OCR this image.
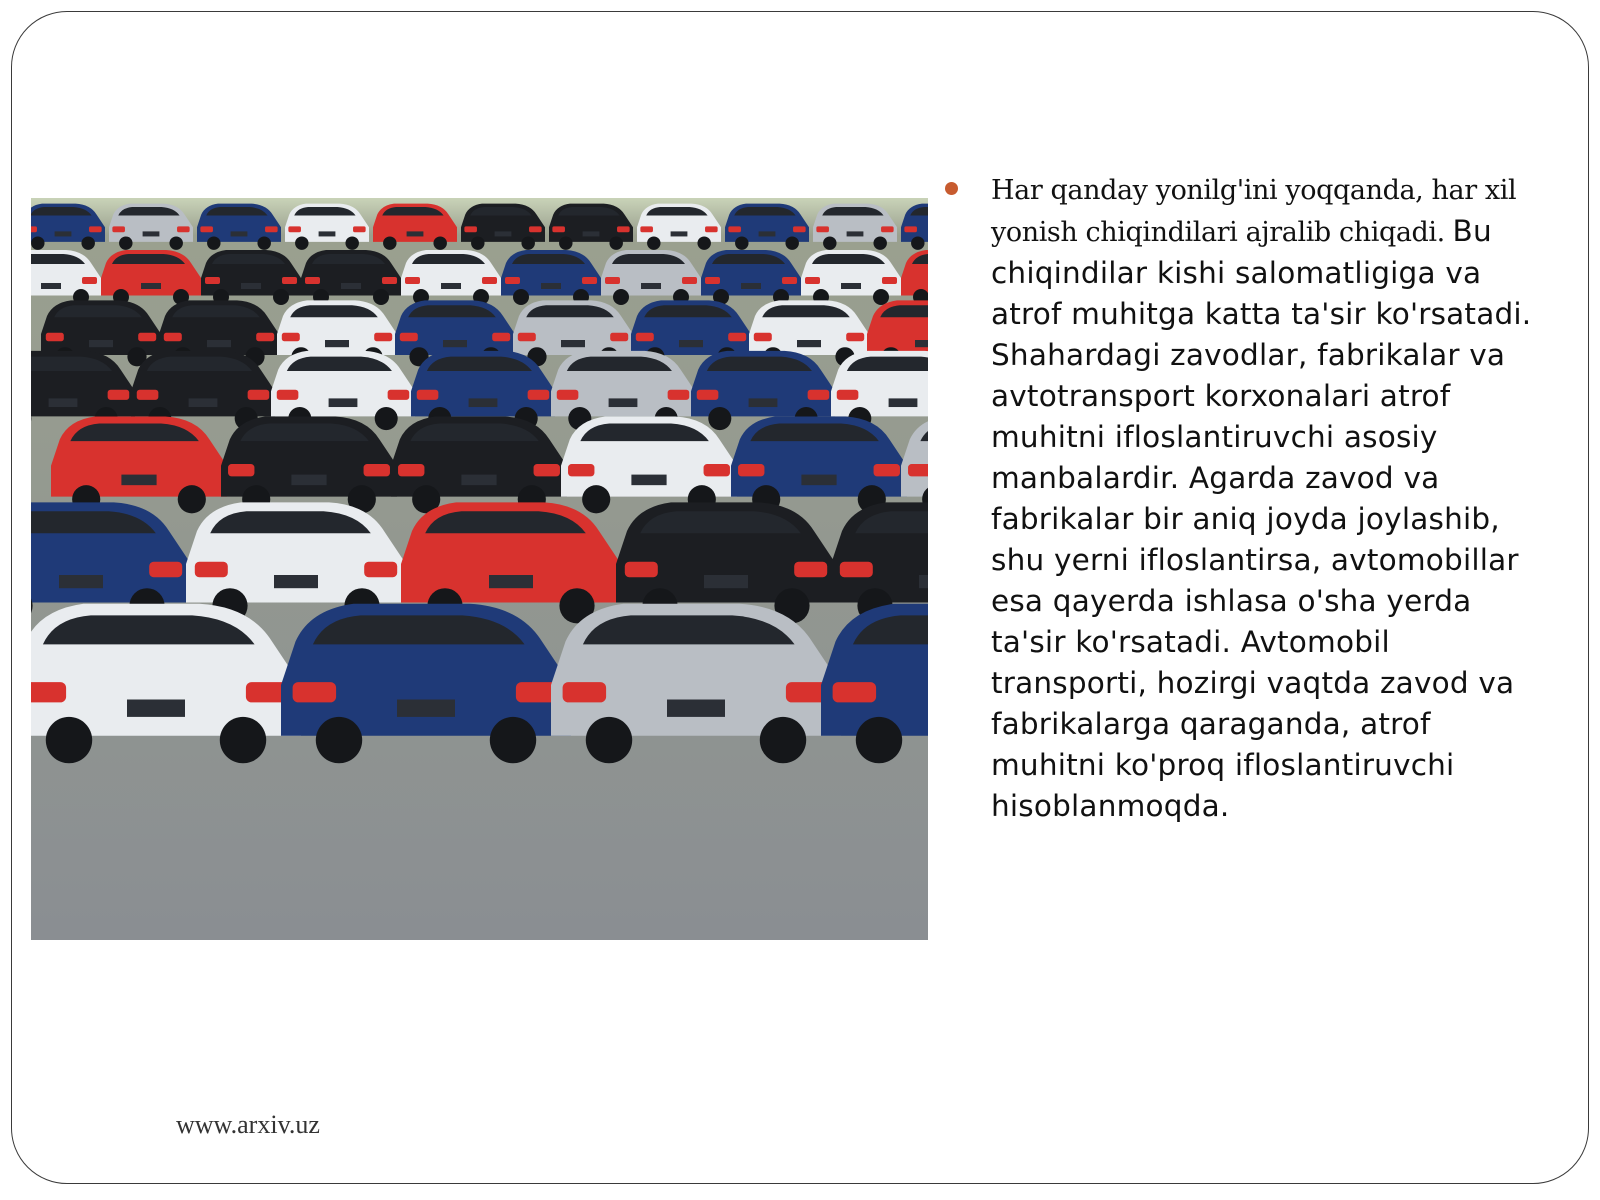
Har qanday yonilg'ini yoqqanda, har xil yonish chiqindilari ajralib chiqadi. Bu chiqindilar kishi salomatligiga va atrof muhitga katta ta'sir ko'rsatadi. Shahardagi zavodlar, fabrikalar va avtotransport korxonalari atrof muhitni ifloslantiruvchi asosiy manbalardir. Agarda zavod va fabrikalar bir aniq joyda joylashib, shu yerni ifloslantirsa, avtomobillar esa qayerda ishlasa o'sha yerda ta'sir ko'rsatadi. Avtomobil transporti, hozirgi vaqtda zavod va fabrikalarga qaraganda, atrof muhitni ko'proq ifloslantiruvchi hisoblanmoqda.
www.arxiv.uz
